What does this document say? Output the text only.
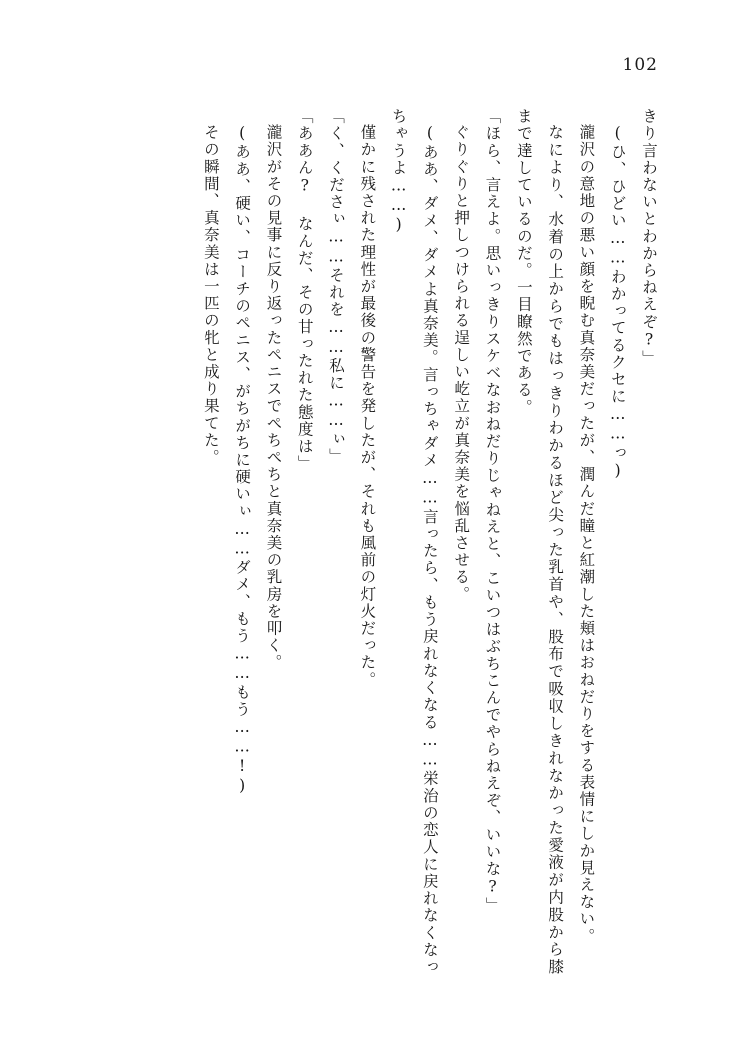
102

きり言わないとわからねえぞ?」

(ひ、ひどい……わかってるクセに……っ)

瀧沢の意地の悪い顔を睨む真奈美だったが、潤んだ瞳と紅潮した頬はおねだりをする表情にしか見えない。

なにより、水着の上からでもはっきりわかるほど尖った乳首や、股布で吸収しきれなかった愛液が内股から膝まで達しているのだ。一目瞭然である。

「ほら、言えよ。思いっきりスケベなおねだりじゃねえと、こいつはぶちこんでやらねえぞ、いいな?」

ぐりぐりと押しつけられる逞しい屹立が真奈美を悩乱させる。

(ああ、ダメ、ダメよ真奈美。言っちゃダメ……言ったら、もう戻れなくなる……栄治の恋人に戻れなくなっちゃうよ……)

僅かに残された理性が最後の警告を発したが、それも風前の灯火だった。

「く、くださぃ……それを……私に……ぃ」

「ああん? なんだ、その甘ったれた態度は」

瀧沢がその見事に反り返ったペニスでぺちぺちと真奈美の乳房を叩く。

(ああ、硬い、コーチのペニス、がちがちに硬いぃ……ダメ、もう……もう……!)

その瞬間、真奈美は一匹の牝と成り果てた。
